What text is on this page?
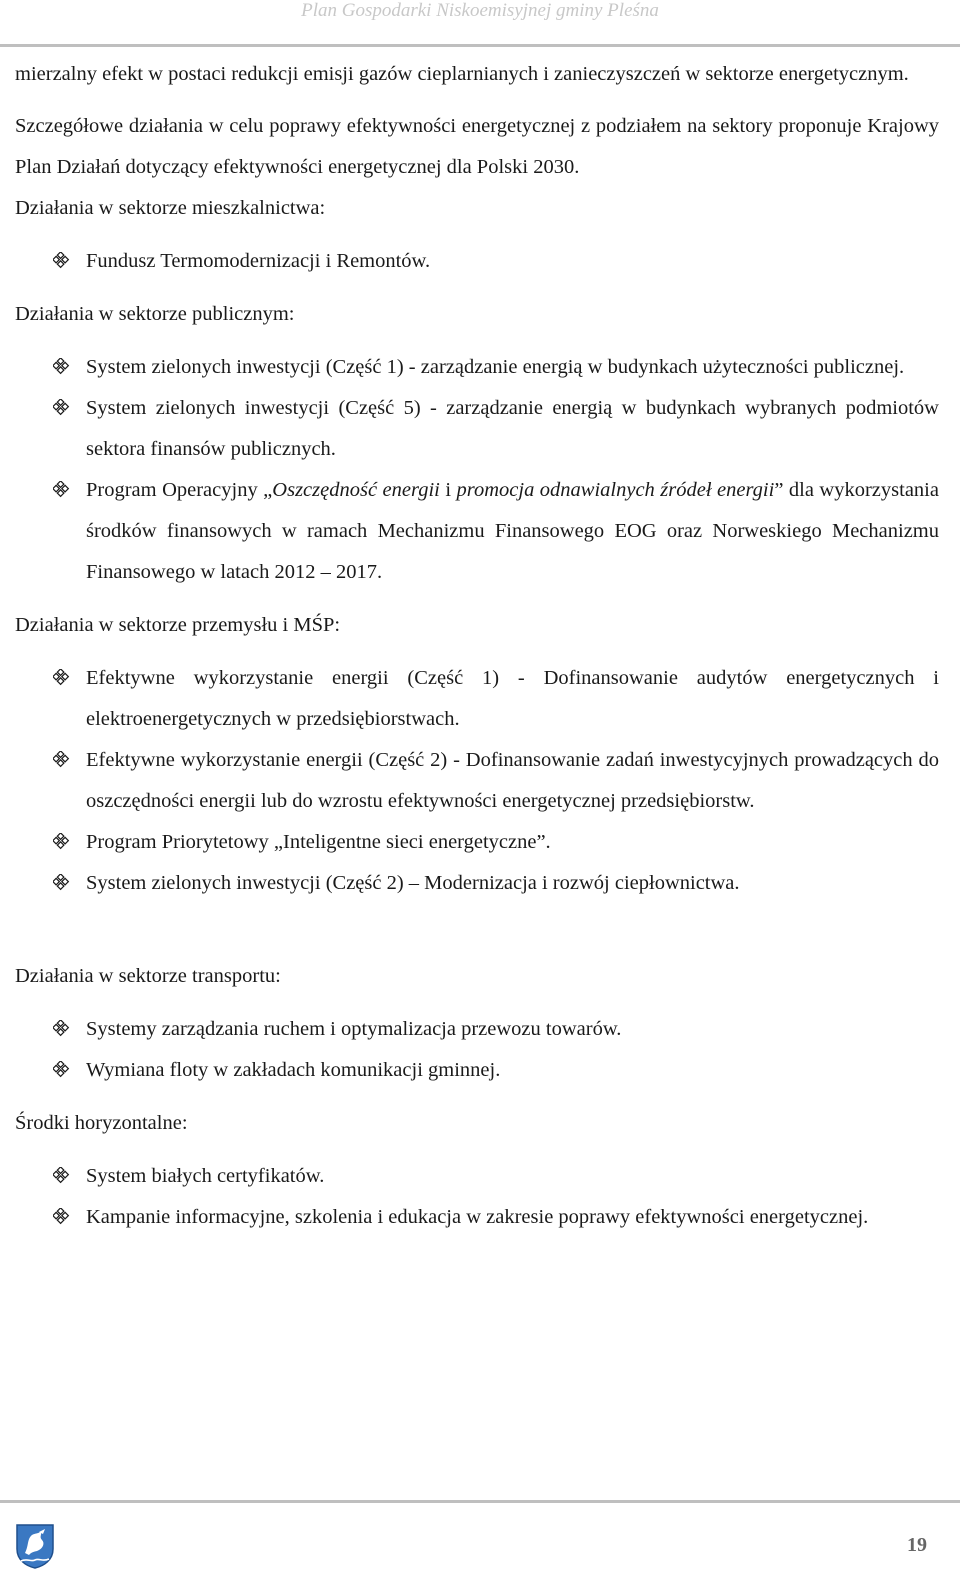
Plan Gospodarki Niskoemisyjnej gminy Pleśna

mierzalny efekt w postaci redukcji emisji gazów cieplarnianych i zanieczyszczeń w sektorze energetycznym.

Szczegółowe działania w celu poprawy efektywności energetycznej z podziałem na sektory proponuje Krajowy Plan Działań dotyczący efektywności energetycznej dla Polski 2030.

Działania w sektorze mieszkalnictwa:

Fundusz Termomodernizacji i Remontów.

Działania w sektorze publicznym:

System zielonych inwestycji (Część 1) - zarządzanie energią w budynkach użyteczności publicznej.
System zielonych inwestycji (Część 5) - zarządzanie energią w budynkach wybranych podmiotów sektora finansów publicznych.
Program Operacyjny „Oszczędność energii i promocja odnawialnych źródeł energii” dla wykorzystania środków finansowych w ramach Mechanizmu Finansowego EOG oraz Norweskiego Mechanizmu Finansowego w latach 2012 – 2017.

Działania w sektorze przemysłu i MŚP:

Efektywne wykorzystanie energii (Część 1) - Dofinansowanie audytów energetycznych i elektroenergetycznych w przedsiębiorstwach.
Efektywne wykorzystanie energii (Część 2) - Dofinansowanie zadań inwestycyjnych prowadzących do oszczędności energii lub do wzrostu efektywności energetycznej przedsiębiorstw.
Program Priorytetowy „Inteligentne sieci energetyczne”.
System zielonych inwestycji (Część 2) – Modernizacja i rozwój ciepłownictwa.

Działania w sektorze transportu:

Systemy zarządzania ruchem i optymalizacja przewozu towarów.
Wymiana floty w zakładach komunikacji gminnej.

Środki horyzontalne:

System białych certyfikatów.
Kampanie informacyjne, szkolenia i edukacja w zakresie poprawy efektywności energetycznej.
19
